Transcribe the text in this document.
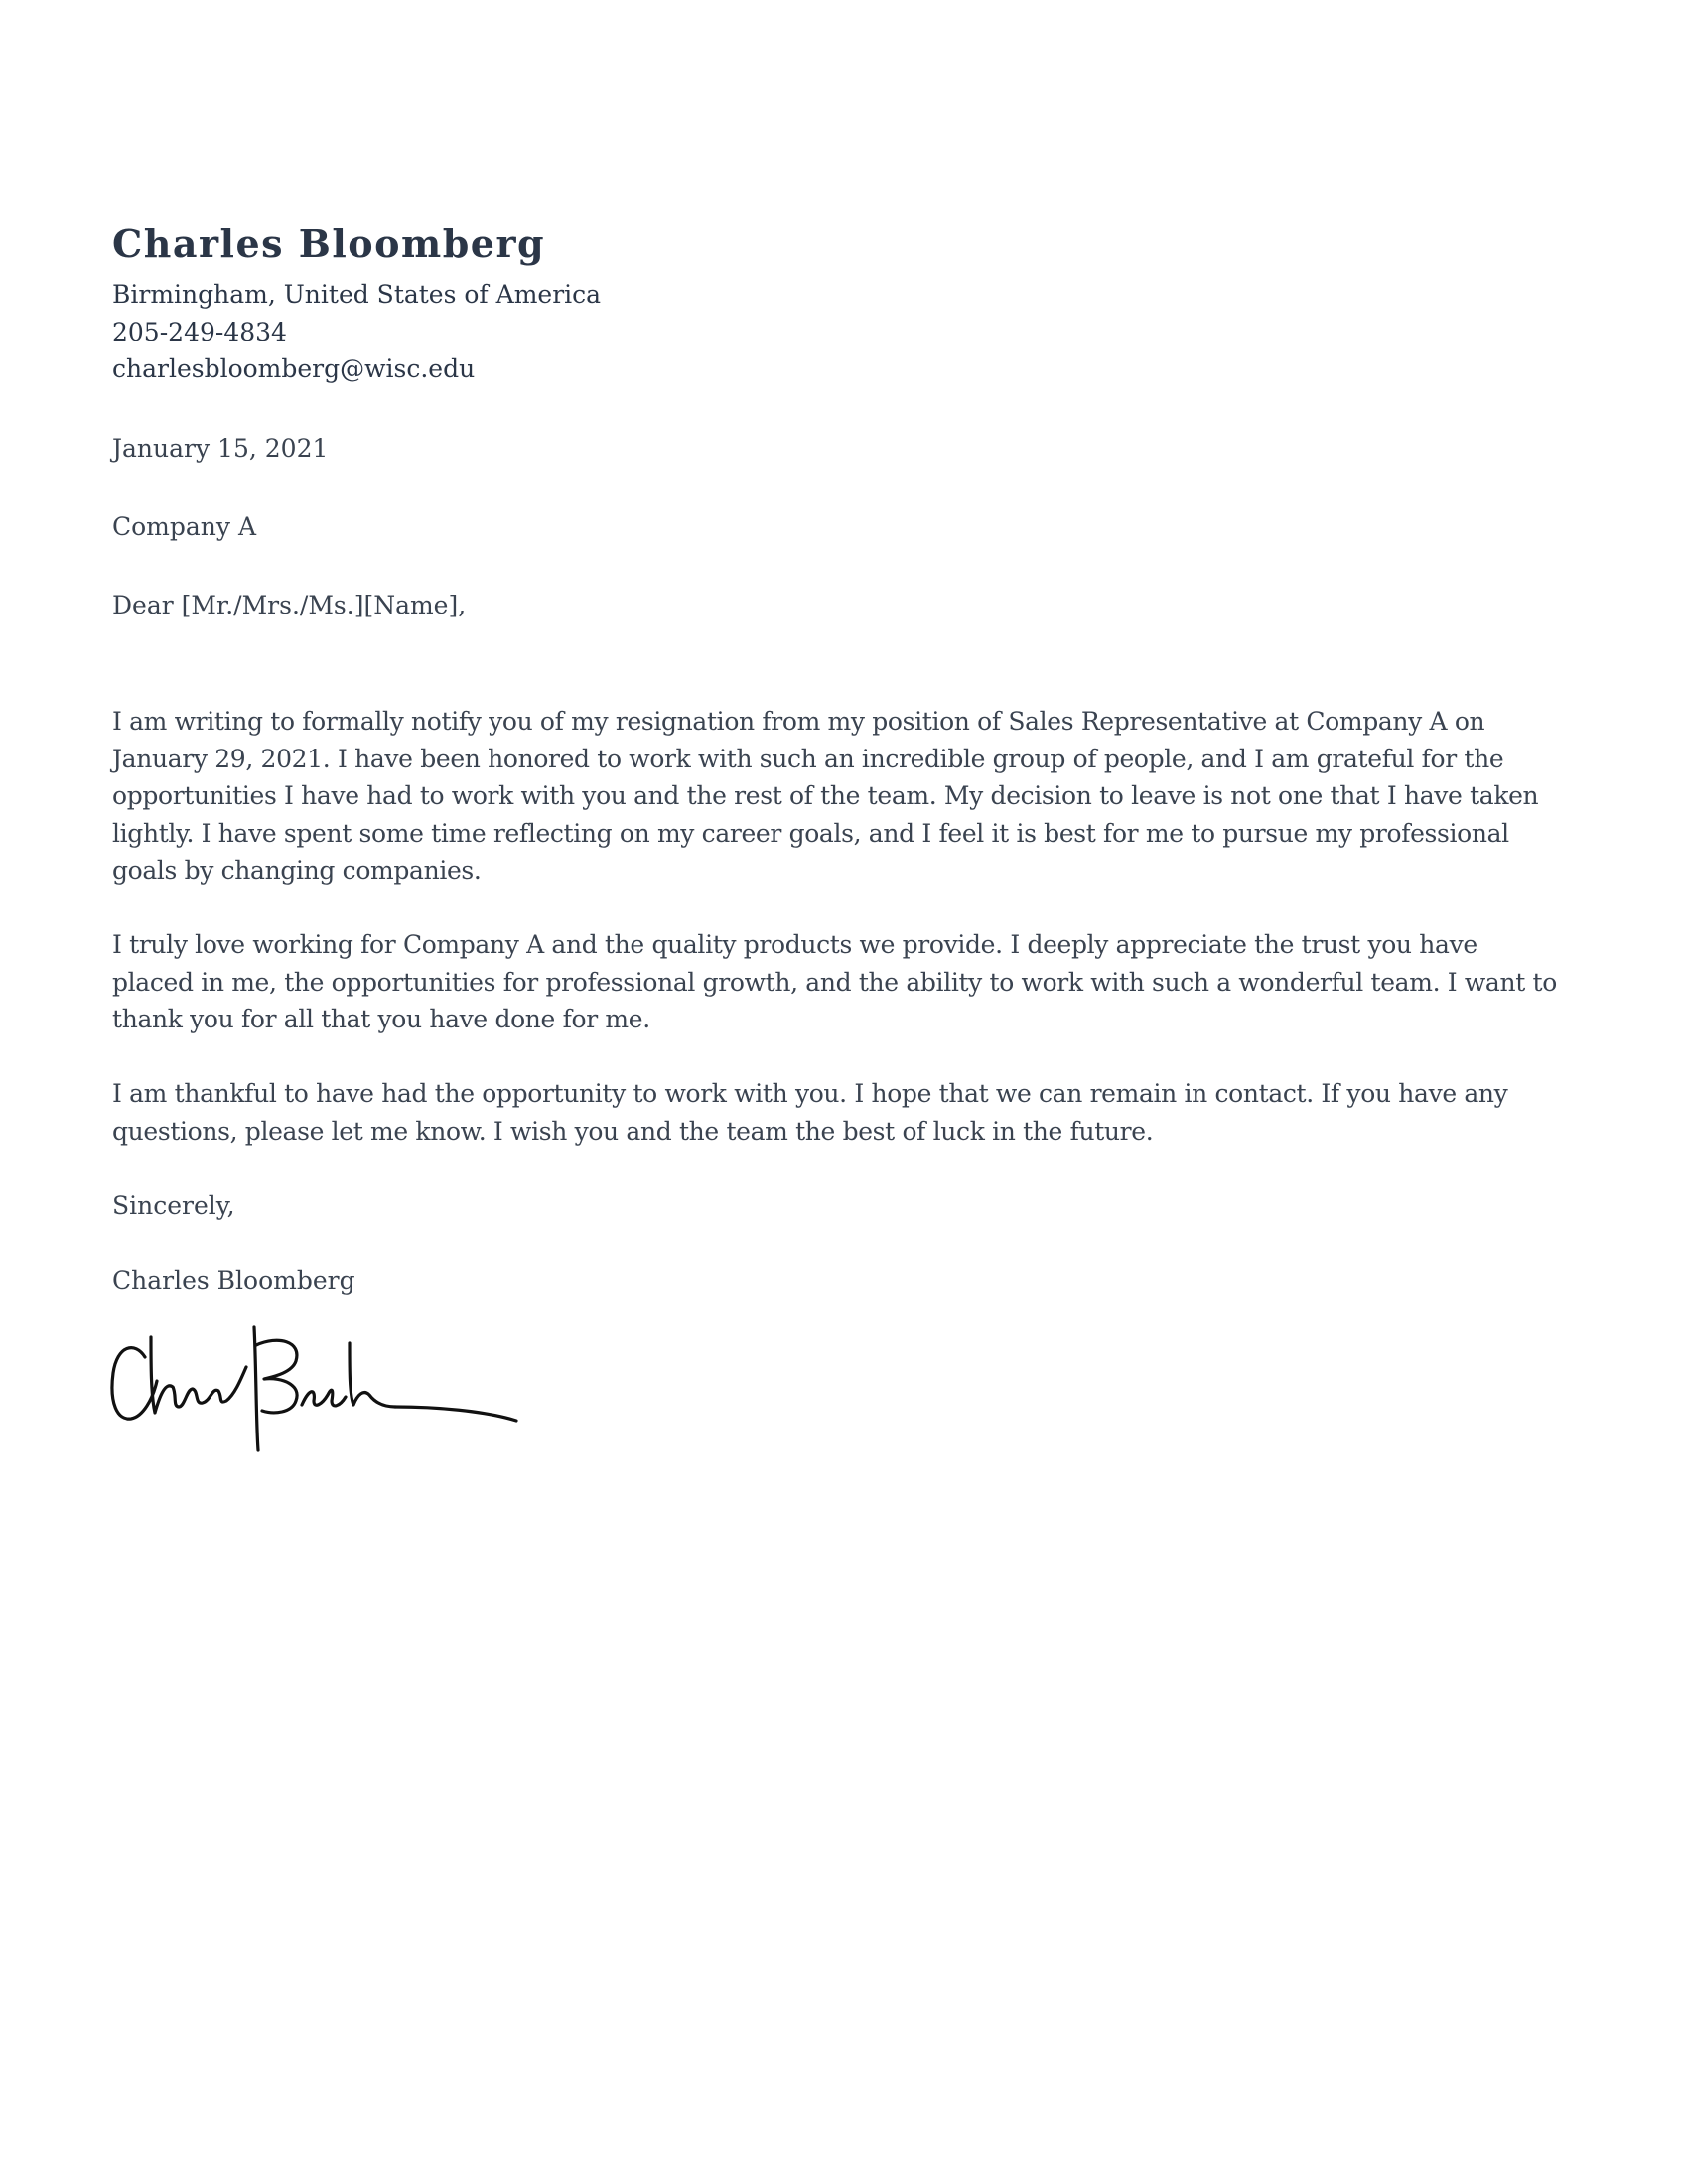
Charles Bloomberg
Birmingham, United States of America
205-249-4834
charlesbloomberg@wisc.edu
January 15, 2021
Company A
Dear [Mr./Mrs./Ms.][Name],

I am writing to formally notify you of my resignation from my position of Sales Representative at Company A on January 29, 2021. I have been honored to work with such an incredible group of people, and I am grateful for the opportunities I have had to work with you and the rest of the team. My decision to leave is not one that I have taken lightly. I have spent some time reflecting on my career goals, and I feel it is best for me to pursue my professional goals by changing companies.

I truly love working for Company A and the quality products we provide. I deeply appreciate the trust you have placed in me, the opportunities for professional growth, and the ability to work with such a wonderful team. I want to thank you for all that you have done for me.

I am thankful to have had the opportunity to work with you. I hope that we can remain in contact. If you have any questions, please let me know. I wish you and the team the best of luck in the future.

Sincerely,
Charles Bloomberg
